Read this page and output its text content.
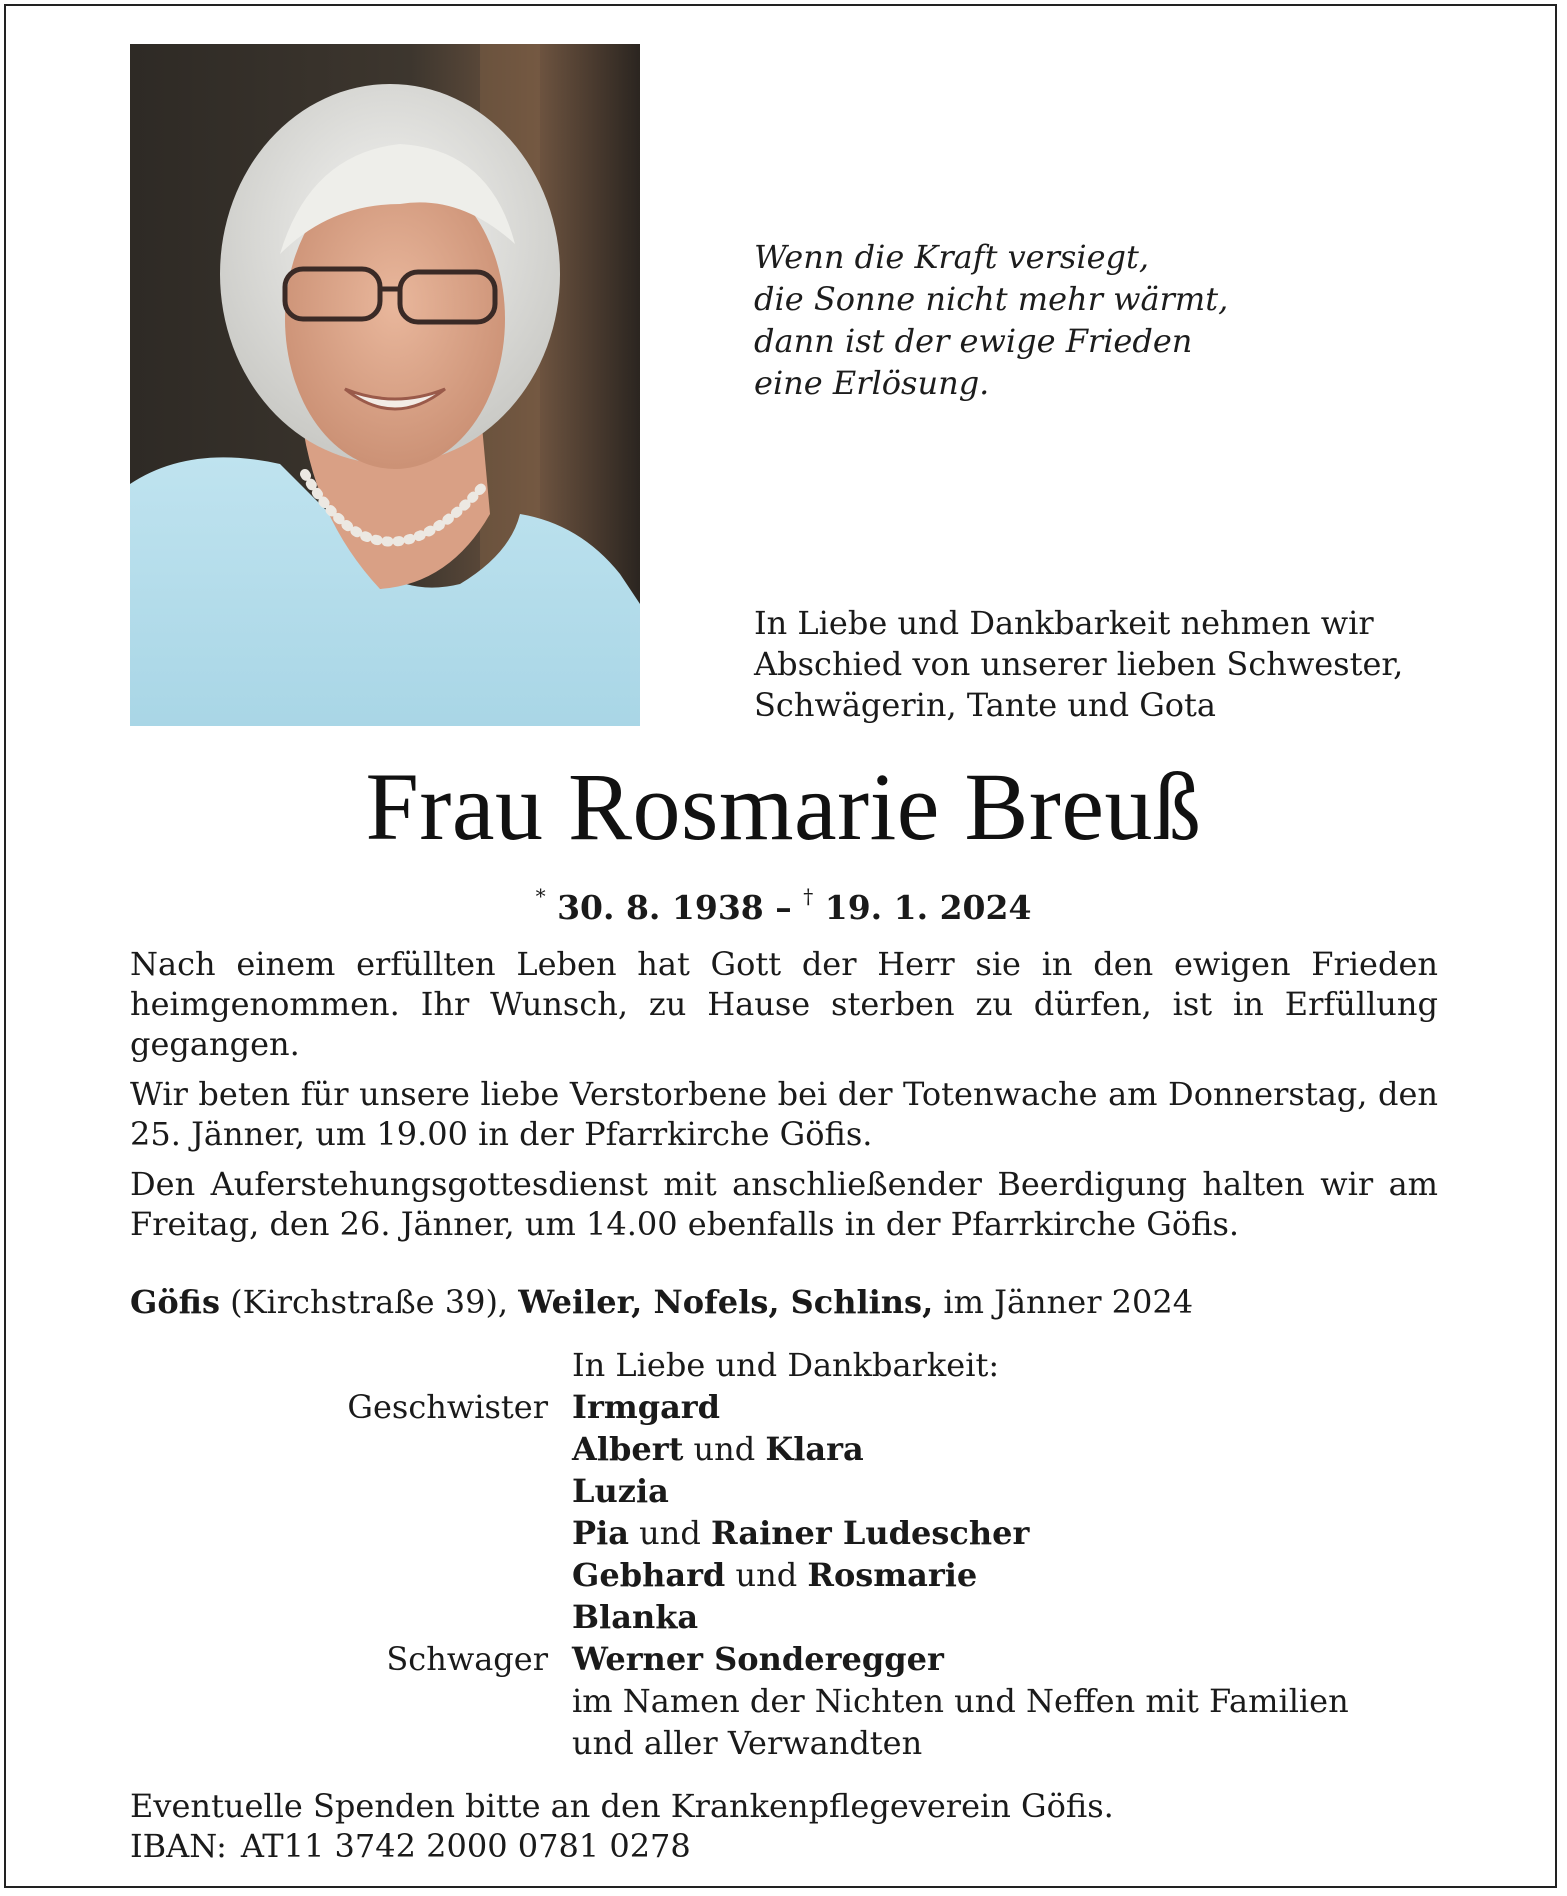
Wenn die Kraft versiegt,
die Sonne nicht mehr wärmt,
dann ist der ewige Frieden
eine Erlösung.
In Liebe und Dankbarkeit nehmen wir
Abschied von unserer lieben Schwester,
Schwägerin, Tante und Gota
Frau Rosmarie Breuß
* 30. 8. 1938 – † 19. 1. 2024

Nach einem erfüllten Leben hat Gott der Herr sie in den ewigen Frieden heimgenommen. Ihr Wunsch, zu Hause sterben zu dürfen, ist in Erfüllung gegangen.

Wir beten für unsere liebe Verstorbene bei der Totenwache am Donnerstag, den 25. Jänner, um 19.00 in der Pfarrkirche Göfis.

Den Auferstehungsgottesdienst mit anschließender Beerdigung halten wir am Freitag, den 26. Jänner, um 14.00 ebenfalls in der Pfarrkirche Göfis.

Göfis (Kirchstraße 39), Weiler, Nofels, Schlins, im Jänner 2024
In Liebe und Dankbarkeit:
Geschwister Irmgard
Albert und Klara
Luzia
Pia und Rainer Ludescher
Gebhard und Rosmarie
Blanka
Schwager Werner Sonderegger
im Namen der Nichten und Neffen mit Familien
und aller Verwandten
Eventuelle Spenden bitte an den Krankenpflegeverein Göfis.
IBAN: AT11 3742 2000 0781 0278
